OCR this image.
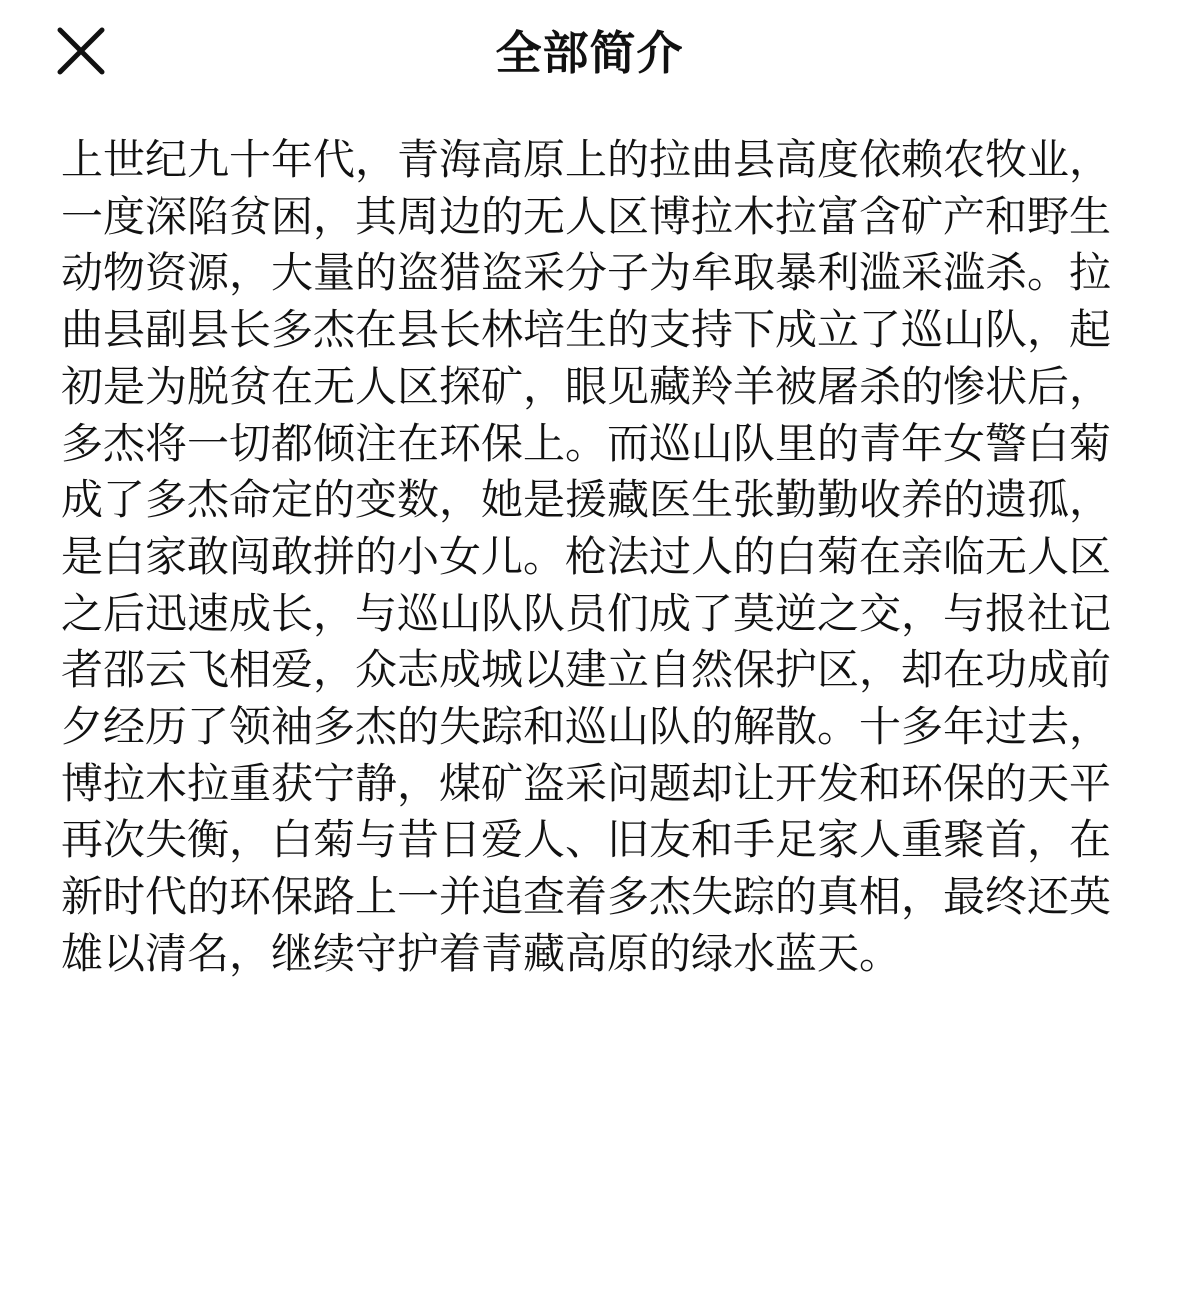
全部简介
上世纪九十年代，青海高原上的拉曲县高度依赖农牧业，一度深陷贫困，其周边的无人区博拉木拉富含矿产和野生动物资源，大量的盗猎盗采分子为牟取暴利滥采滥杀。拉曲县副县长多杰在县长林培生的支持下成立了巡山队，起初是为脱贫在无人区探矿，眼见藏羚羊被屠杀的惨状后，多杰将一切都倾注在环保上。而巡山队里的青年女警白菊成了多杰命定的变数，她是援藏医生张勤勤收养的遗孤，是白家敢闯敢拼的小女儿。枪法过人的白菊在亲临无人区之后迅速成长，与巡山队队员们成了莫逆之交，与报社记者邵云飞相爱，众志成城以建立自然保护区，却在功成前夕经历了领袖多杰的失踪和巡山队的解散。十多年过去，博拉木拉重获宁静，煤矿盗采问题却让开发和环保的天平再次失衡，白菊与昔日爱人、旧友和手足家人重聚首，在新时代的环保路上一并追查着多杰失踪的真相，最终还英雄以清名，继续守护着青藏高原的绿水蓝天。
